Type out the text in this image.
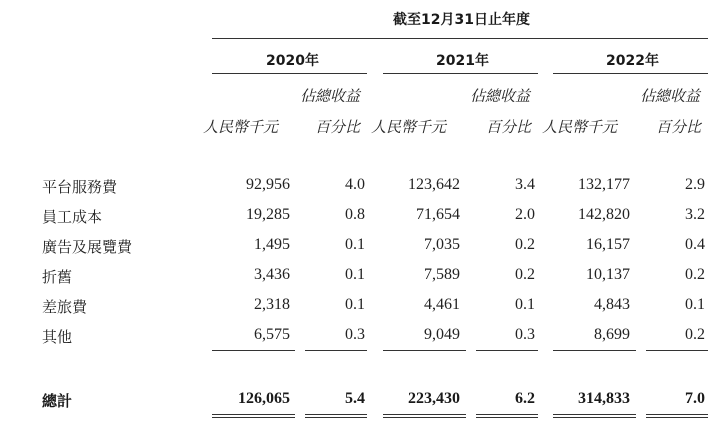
截至12月31日止年度
2020年	2021年	2022年
佔總收益	佔總收益	佔總收益
人民幣千元 百分比 人民幣千元	百分比 人民幣千元	百分比
平台服務費	92,956	4.0	123,642	3.4	132,177	2.9
員工成本	19,285	0.8	71,654	2.0	142,820	3.2
廣告及展覽費	1,495	0.1	7,035	0.2	16,157	0.4
折舊	3,436	0.1	7,589	0.2	10,137	0.2
差旅費	2,318	0.1	4,461	0.1	4,843	0.1
其他	6,575	0.3	9,049	0.3	8,699	0.2
總計	126,065	5.4	223,430	6.2	314,833	7.0
